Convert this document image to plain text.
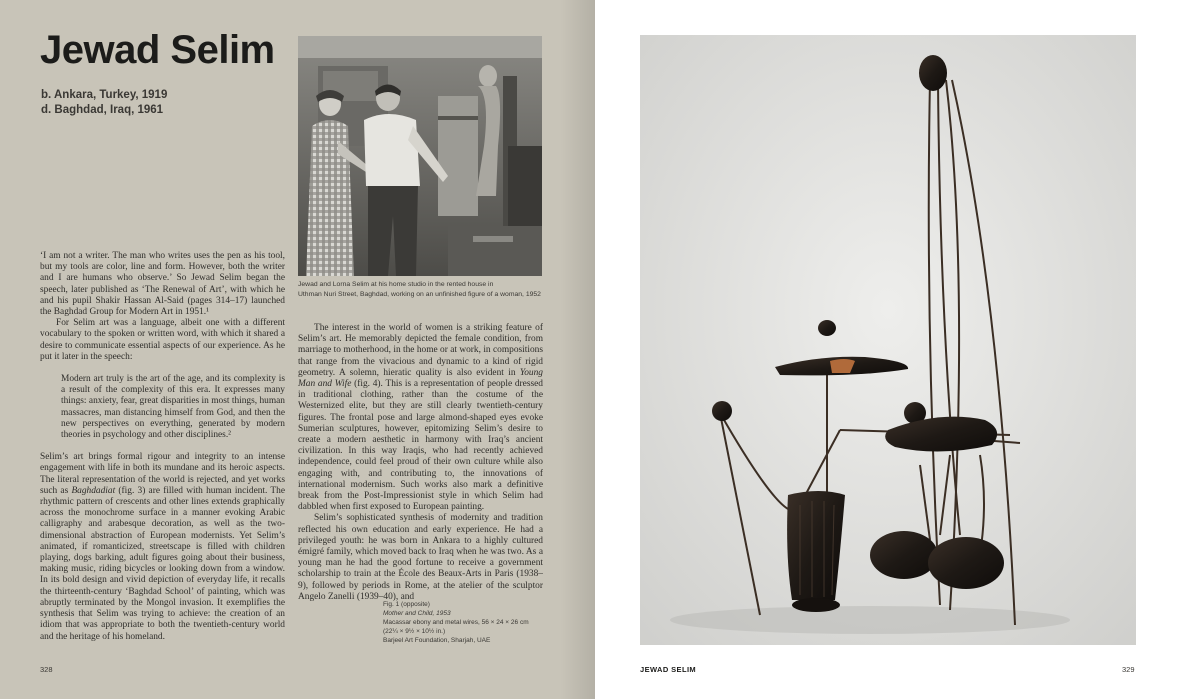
Jewad Selim
b. Ankara, Turkey, 1919
d. Baghdad, Iraq, 1961
Jewad and Lorna Selim at his home studio in the rented house in
Uthman Nuri Street, Baghdad, working on an unfinished figure of a woman, 1952

‘I am not a writer. The man who writes uses the pen as his tool, but my tools are color, line and form. However, both the writer and I are humans who observe.’ So Jewad Selim began the speech, later published as ‘The Renewal of Art’, with which he and his pupil Shakir Hassan Al-Said (pages 314–17) launched the Baghdad Group for Modern Art in 1951.¹

For Selim art was a language, albeit one with a different vocabulary to the spoken or written word, with which it shared a desire to communicate essential aspects of our experience. As he put it later in the speech:

Modern art truly is the art of the age, and its complexity is a result of the complexity of this era. It expresses many things: anxiety, fear, great disparities in most things, human massacres, man distancing himself from God, and then the new perspectives on everything, generated by modern theories in psychology and other disciplines.²

Selim’s art brings formal rigour and integrity to an intense engagement with life in both its mundane and its heroic aspects. The literal representation of the world is rejected, and yet works such as Baghdadiat (fig. 3) are filled with human incident. The rhythmic pattern of crescents and other lines extends graphically across the monochrome surface in a manner evoking Arabic calligraphy and arabesque decoration, as well as the two-dimensional abstraction of European modernists. Yet Selim’s animated, if romanticized, streetscape is filled with children playing, dogs barking, adult figures going about their business, making music, riding bicycles or looking down from a window. In its bold design and vivid depiction of everyday life, it recalls the thirteenth-century ‘Baghdad School’ of painting, which was abruptly terminated by the Mongol invasion. It exemplifies the synthesis that Selim was trying to achieve: the creation of an idiom that was appropriate to both the twentieth-century world and the heritage of his homeland.

The interest in the world of women is a striking feature of Selim’s art. He memorably depicted the female condition, from marriage to motherhood, in the home or at work, in compositions that range from the vivacious and dynamic to a kind of rigid geometry. A solemn, hieratic quality is also evident in Young Man and Wife (fig. 4). This is a representation of people dressed in traditional clothing, rather than the costume of the Westernized elite, but they are still clearly twentieth-century figures. The frontal pose and large almond-shaped eyes evoke Sumerian sculptures, however, epitomizing Selim’s desire to create a modern aesthetic in harmony with Iraq’s ancient civilization. In this way Iraqis, who had recently achieved independence, could feel proud of their own culture while also engaging with, and contributing to, the innovations of international modernism. Such works also mark a definitive break from the Post-Impressionist style in which Selim had dabbled when first exposed to European painting.

Selim’s sophisticated synthesis of modernity and tradition reflected his own education and early experience. He had a privileged youth: he was born in Ankara to a highly cultured émigré family, which moved back to Iraq when he was two. As a young man he had the good fortune to receive a government scholarship to train at the École des Beaux-Arts in Paris (1938–9), followed by periods in Rome, at the atelier of the sculptor Angelo Zanelli (1939–40), and

Fig. 1 (opposite)
Mother and Child, 1953
Macassar ebony and metal wires, 56 × 24 × 26 cm
(22¼ × 9½ × 10½ in.)
Barjeel Art Foundation, Sharjah, UAE
328	JEWAD SELIM	329
